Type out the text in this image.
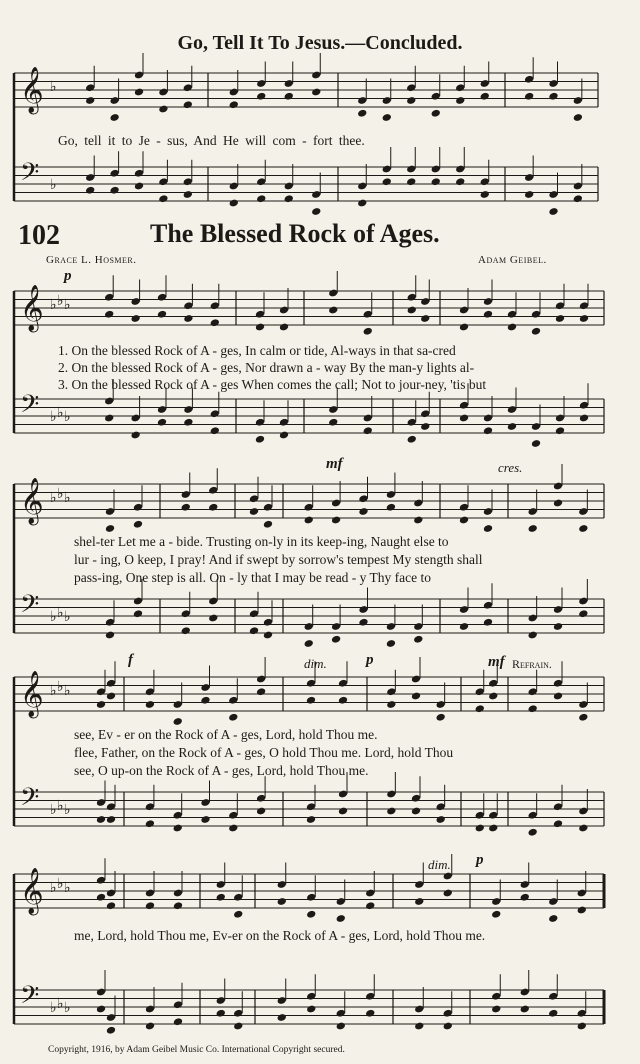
𝄞 ♭
𝄢 ♭
𝄞 ♭ ♭ ♭
𝄢 ♭ ♭ ♭
𝄞 ♭ ♭ ♭
𝄢 ♭ ♭ ♭
𝄞 ♭ ♭ ♭
𝄢 ♭ ♭ ♭
𝄞 ♭ ♭ ♭
𝄢 ♭ ♭ ♭
Go, Tell It To Jesus.—Concluded.
102	The Blessed Rock of Ages.
Grace L. Hosmer.	Adam Geibel.
Go, tell it to Je - sus, And He will com - fort thee.
p
1. On the blessed Rock of A - ges, In calm or tide, Al-ways in that sa-cred
2. On the blessed Rock of A - ges, Nor drawn a - way By the man-y lights al-
3. On the blessed Rock of A - ges When comes the call; Not to jour-ney, 'tis but
mf	cres.
shel-ter Let me a - bide. Trusting on-ly in its keep-ing, Naught else to
lur - ing, O keep, I pray! And if swept by sorrow's tempest My stength shall
pass-ing, One step is all. On - ly that I may be read - y Thy face to
f	dim.	p	mf Refrain.
see, Ev - er on the Rock of A - ges, Lord, hold Thou me.
flee, Father, on the Rock of A - ges, O hold Thou me. Lord, hold Thou
see, O up-on the Rock of A - ges, Lord, hold Thou me.
dim. p
me, Lord, hold Thou me, Ev-er on the Rock of A - ges, Lord, hold Thou me.
Copyright, 1916, by Adam Geibel Music Co. International Copyright secured.
